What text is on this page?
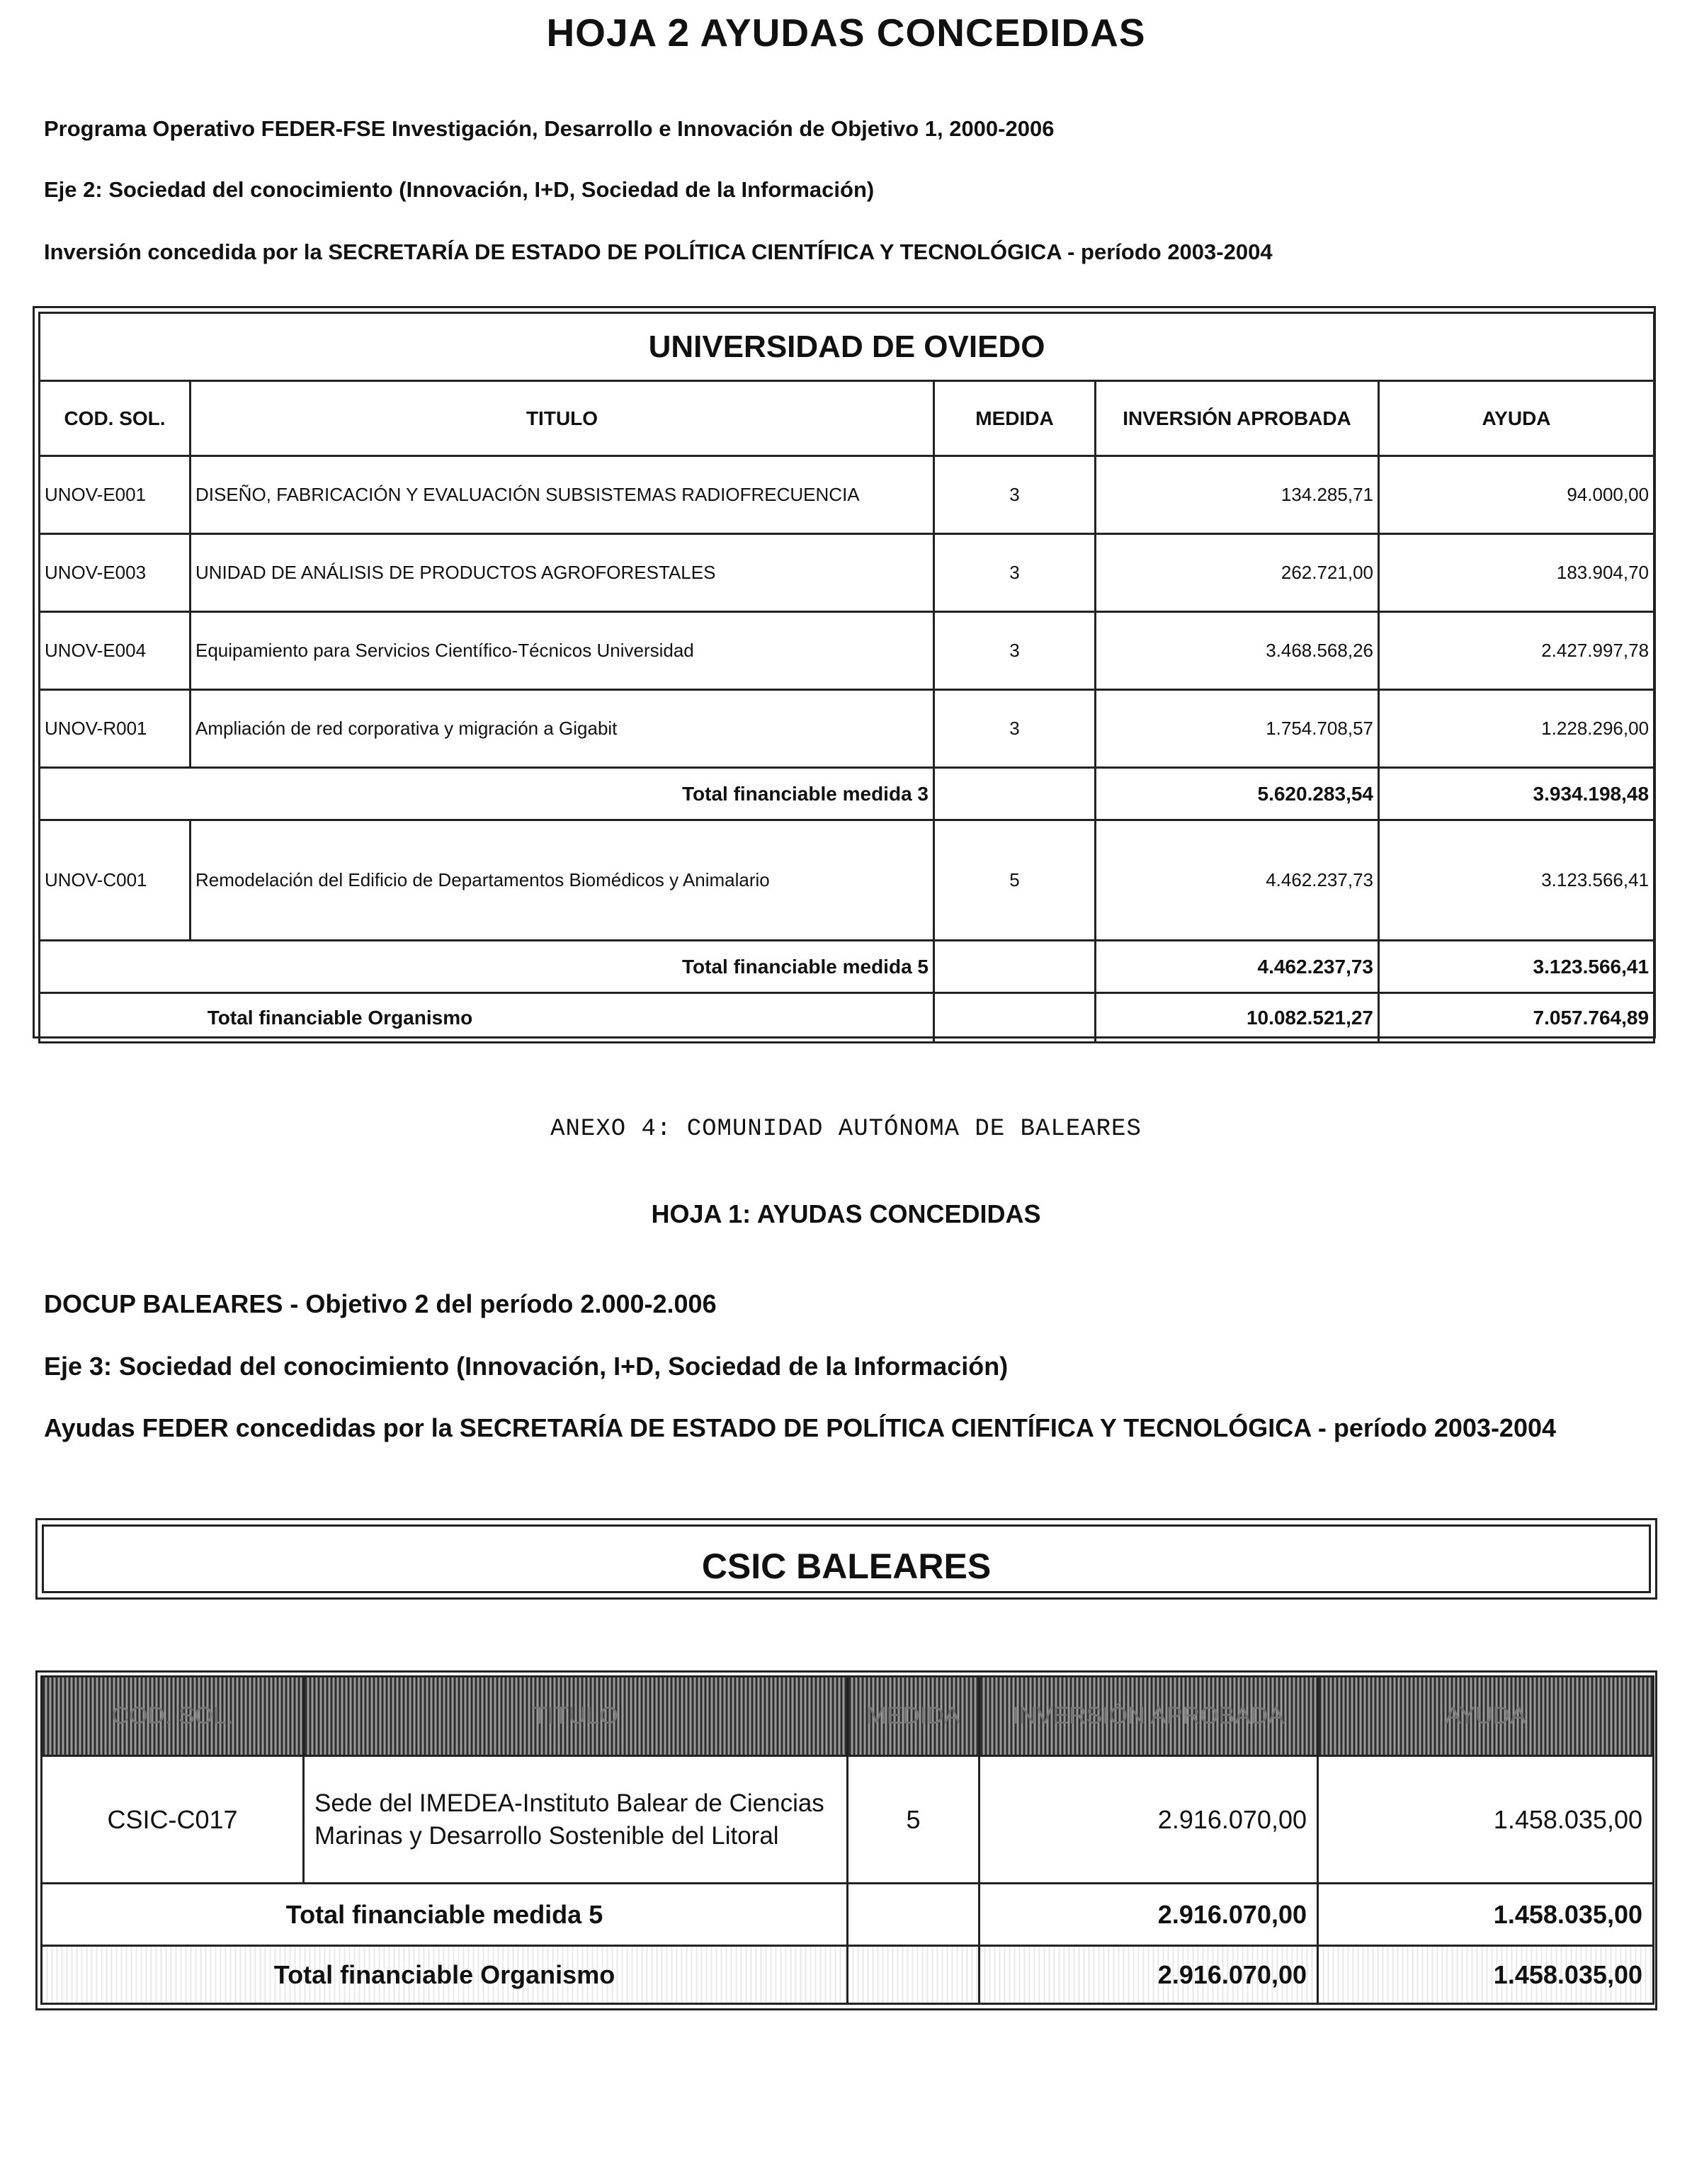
HOJA 2 AYUDAS CONCEDIDAS
Programa Operativo FEDER-FSE Investigación, Desarrollo e Innovación de Objetivo 1, 2000-2006
Eje 2: Sociedad del conocimiento (Innovación, I+D, Sociedad de la Información)
Inversión concedida por la SECRETARÍA DE ESTADO DE POLÍTICA CIENTÍFICA Y TECNOLÓGICA - período 2003-2004
UNIVERSIDAD DE OVIEDO				
COD. SOL.	TITULO	MEDIDA	INVERSIÓN APROBADA	AYUDA
UNOV-E001	DISEÑO, FABRICACIÓN Y EVALUACIÓN SUBSISTEMAS RADIOFRECUENCIA	3	134.285,71	94.000,00
UNOV-E003	UNIDAD DE ANÁLISIS DE PRODUCTOS AGROFORESTALES	3	262.721,00	183.904,70
UNOV-E004	Equipamiento para Servicios Científico-Técnicos Universidad	3	3.468.568,26	2.427.997,78
UNOV-R001	Ampliación de red corporativa y migración a Gigabit	3	1.754.708,57	1.228.296,00
Total financiable medida 3			5.620.283,54	3.934.198,48
UNOV-C001	Remodelación del Edificio de Departamentos Biomédicos y Animalario	5	4.462.237,73	3.123.566,41
Total financiable medida 5			4.462.237,73	3.123.566,41
Total financiable Organismo			10.082.521,27	7.057.764,89
ANEXO 4: COMUNIDAD AUTÓNOMA DE BALEARES
HOJA 1: AYUDAS CONCEDIDAS
DOCUP BALEARES - Objetivo 2 del período 2.000-2.006
Eje 3: Sociedad del conocimiento (Innovación, I+D, Sociedad de la Información)
Ayudas FEDER concedidas por la SECRETARÍA DE ESTADO DE POLÍTICA CIENTÍFICA Y TECNOLÓGICA - período 2003-2004
CSIC BALEARES
COD. SOL.	TITULO	MEDIDA	INVERSIÓN APROBADA	AYUDA
CSIC-C017	Sede del IMEDEA-Instituto Balear de Ciencias
Marinas y Desarrollo Sostenible del Litoral	5	2.916.070,00	1.458.035,00
Total financiable medida 5			2.916.070,00	1.458.035,00
Total financiable Organismo			2.916.070,00	1.458.035,00
